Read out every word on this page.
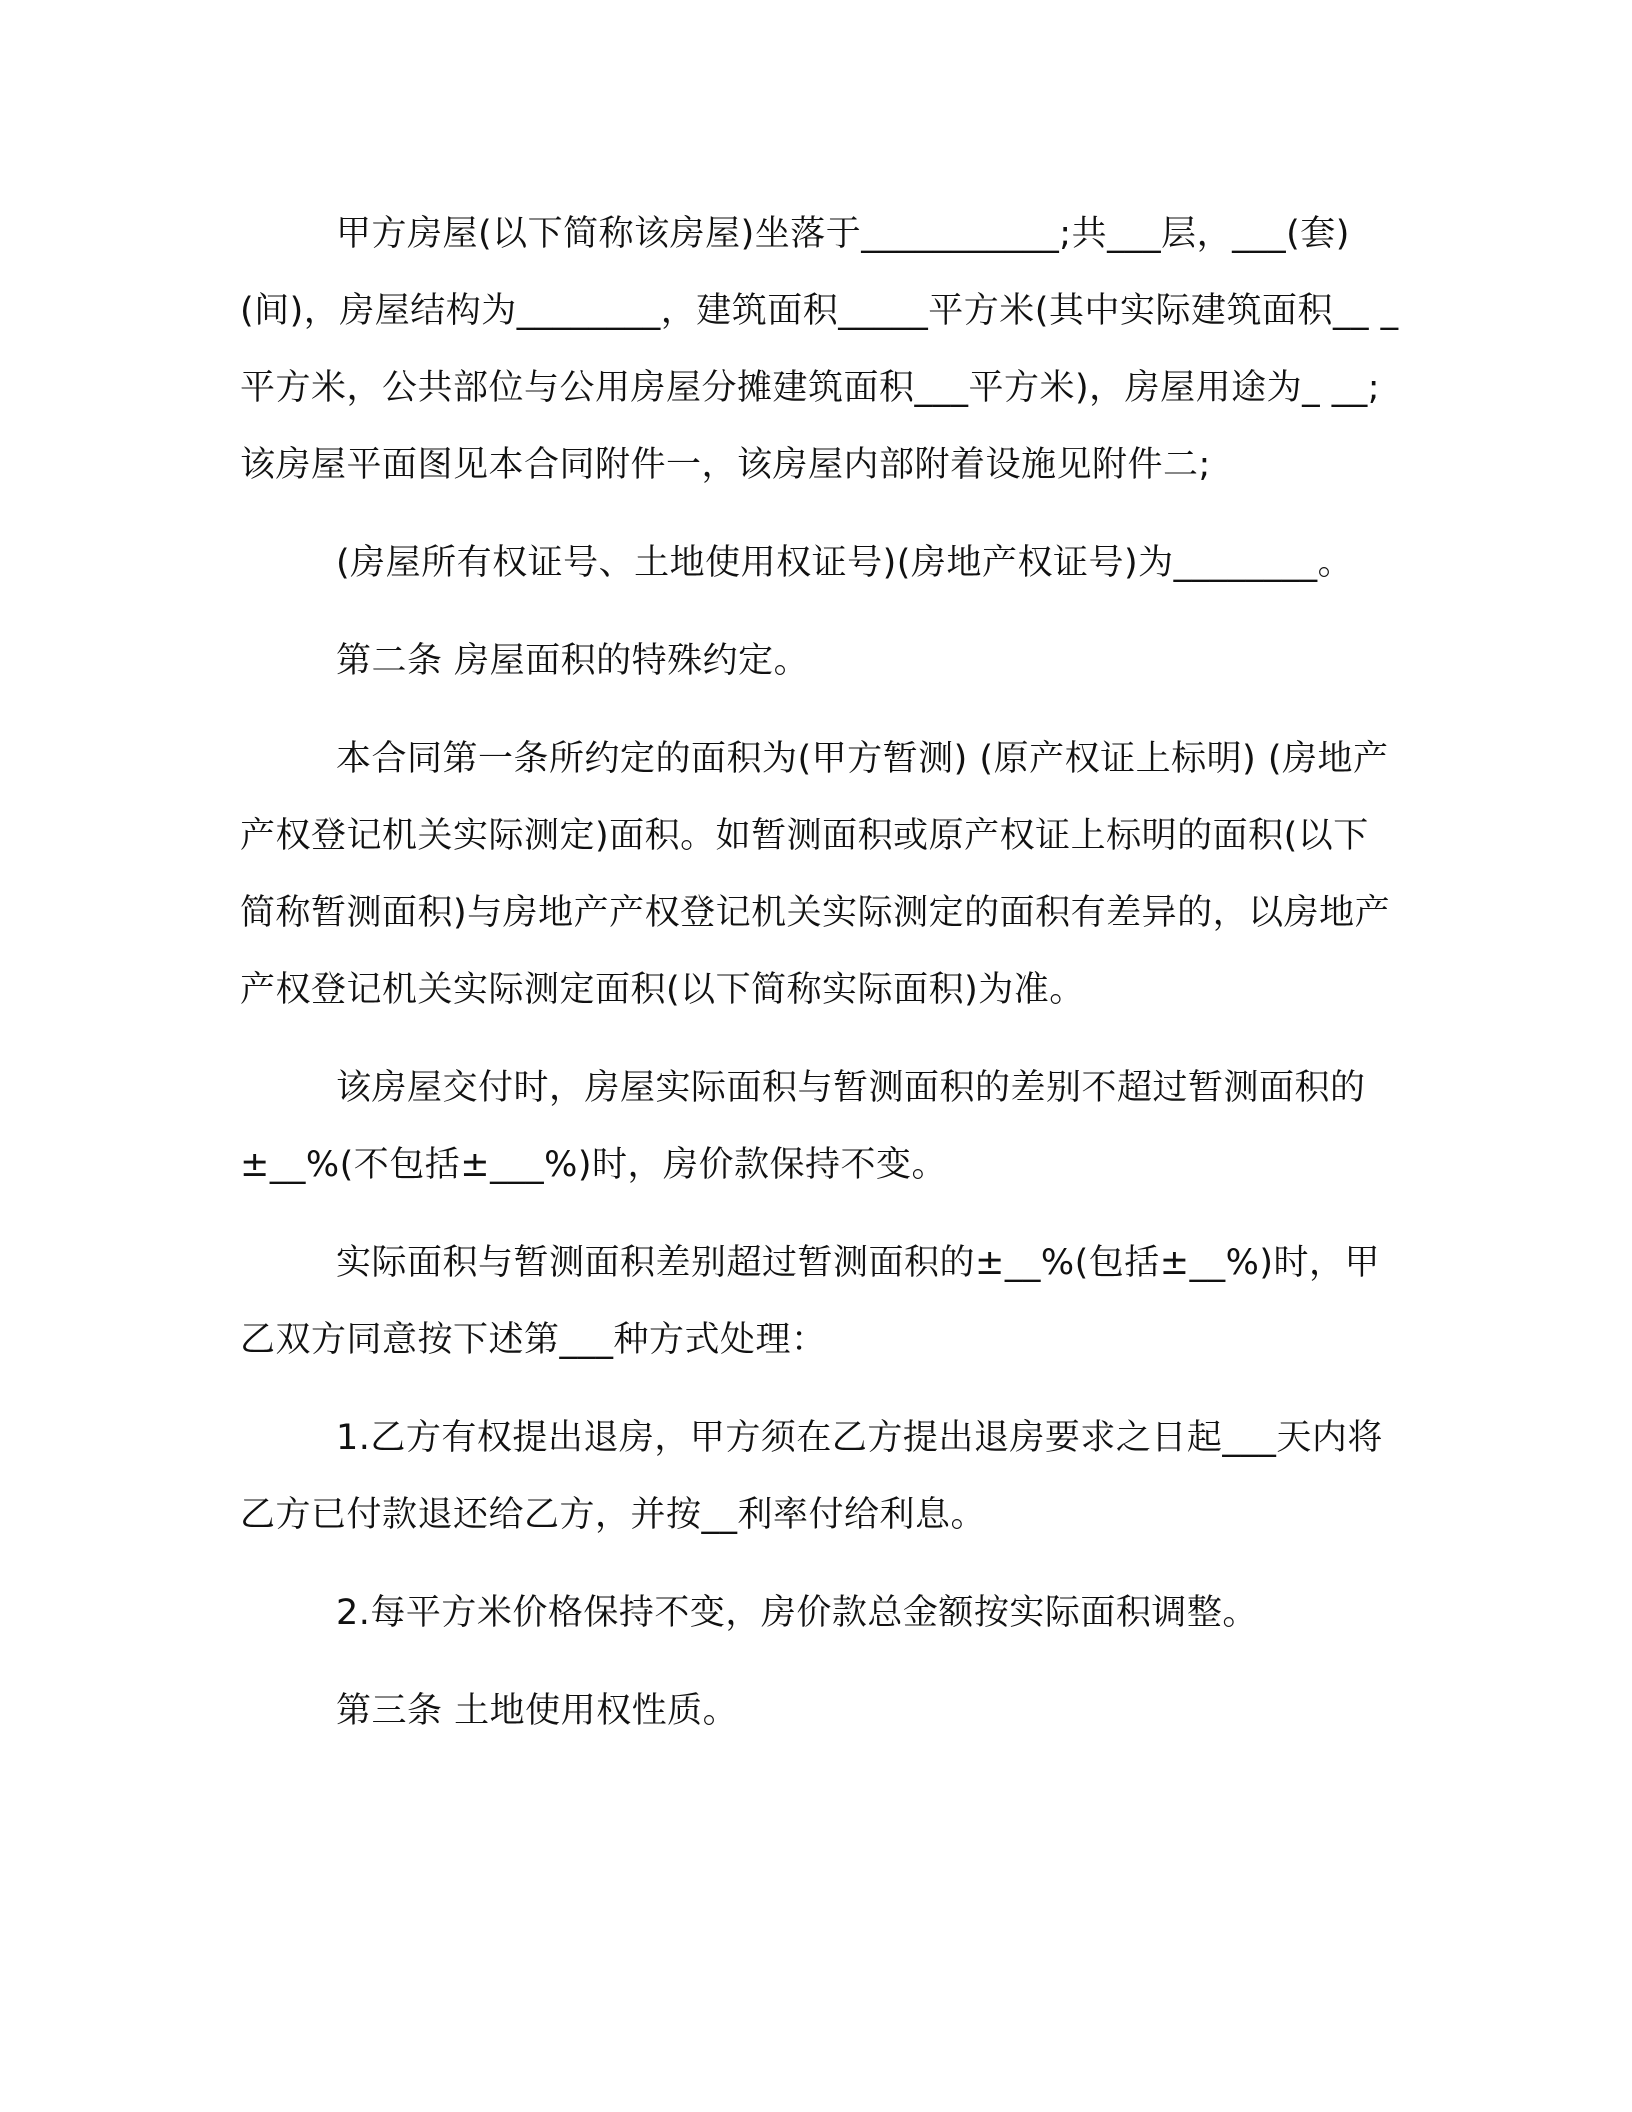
甲方房屋(以下简称该房屋)坐落于___________;共___层，___(套)(间)，房屋结构为________，建筑面积_____平方米(其中实际建筑面积__ _平方米，公共部位与公用房屋分摊建筑面积___平方米)，房屋用途为_ __;该房屋平面图见本合同附件一，该房屋内部附着设施见附件二;

(房屋所有权证号、土地使用权证号)(房地产权证号)为________。

第二条 房屋面积的特殊约定。

本合同第一条所约定的面积为(甲方暂测) (原产权证上标明) (房地产产权登记机关实际测定)面积。如暂测面积或原产权证上标明的面积(以下简称暂测面积)与房地产产权登记机关实际测定的面积有差异的，以房地产产权登记机关实际测定面积(以下简称实际面积)为准。

该房屋交付时，房屋实际面积与暂测面积的差别不超过暂测面积的±__%(不包括±___%)时，房价款保持不变。

实际面积与暂测面积差别超过暂测面积的±__%(包括±__%)时，甲乙双方同意按下述第___种方式处理：

1.乙方有权提出退房，甲方须在乙方提出退房要求之日起___天内将乙方已付款退还给乙方，并按__利率付给利息。

2.每平方米价格保持不变，房价款总金额按实际面积调整。

第三条 土地使用权性质。
